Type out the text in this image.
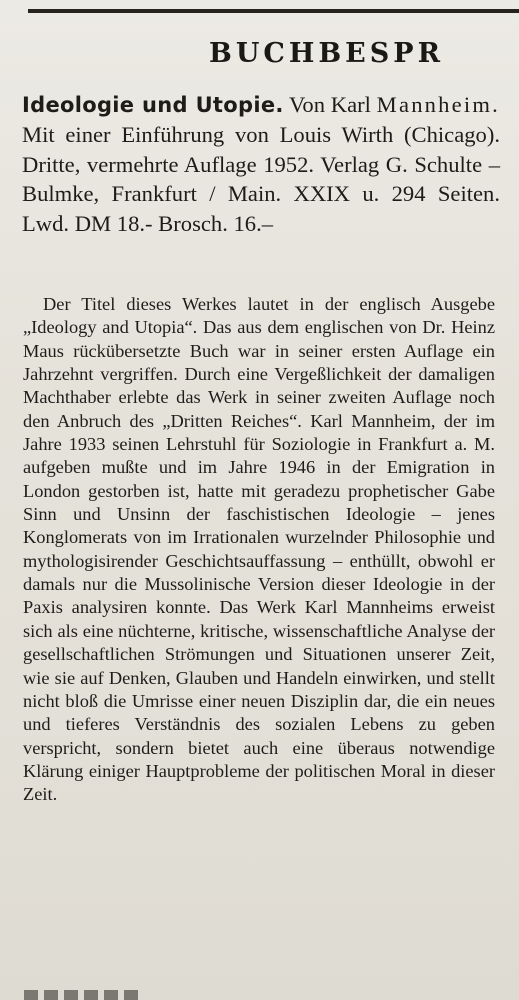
BUCHBESPR
Ideologie und Utopie. Von Karl Mannheim. Mit einer Einführung von Louis Wirth (Chicago). Dritte, vermehrte Auflage 1952. Verlag G. Schulte – Bulmke, Frankfurt / Main. XXIX u. 294 Seiten. Lwd. DM 18.- Brosch. 16.–

Der Titel dieses Werkes lautet in der englisch Ausgebe „Ideology and Utopia“. Das aus dem englischen von Dr. Heinz Maus rückübersetzte Buch war in seiner ersten Auflage ein Jahrzehnt vergriffen. Durch eine Vergeßlichkeit der damaligen Machthaber erlebte das Werk in seiner zweiten Auflage noch den Anbruch des „Dritten Reiches“. Karl Mannheim, der im Jahre 1933 seinen Lehrstuhl für Soziologie in Frankfurt a. M. aufgeben mußte und im Jahre 1946 in der Emigration in London gestorben ist, hatte mit geradezu prophetischer Gabe Sinn und Unsinn der faschistischen Ideologie – jenes Konglomerats von im Irrationalen wurzelnder Philosophie und mythologisirender Geschichtsauffassung – enthüllt, obwohl er damals nur die Mussolinische Version dieser Ideologie in der Paxis analysiren konnte. Das Werk Karl Mannheims erweist sich als eine nüchterne, kritische, wissenschaftliche Analyse der gesellschaftlichen Strömungen und Situationen unserer Zeit, wie sie auf Denken, Glauben und Handeln einwirken, und stellt nicht bloß die Umrisse einer neuen Disziplin dar, die ein neues und tieferes Verständnis des sozialen Lebens zu geben verspricht, sondern bietet auch eine überaus notwendige Klärung einiger Hauptprobleme der politischen Moral in dieser Zeit.
